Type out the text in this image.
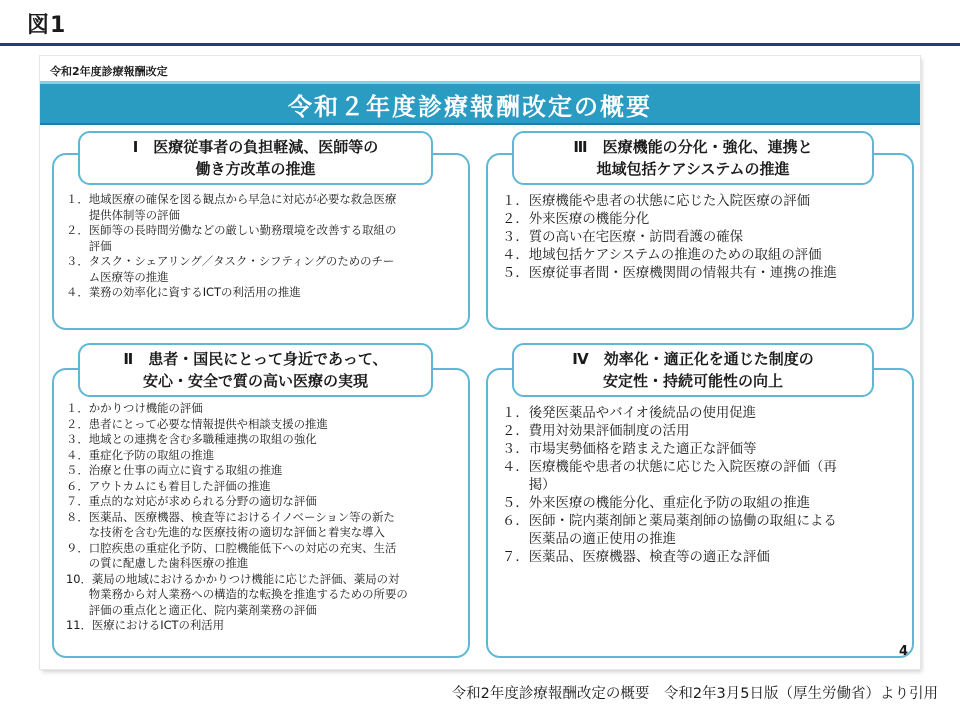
図1
令和2年度診療報酬改定
令和２年度診療報酬改定の概要
Ⅰ　医療従事者の負担軽減、医師等の
働き方改革の推進
１．地域医療の確保を図る観点から早急に対応が必要な救急医療
　　提供体制等の評価
２．医師等の長時間労働などの厳しい勤務環境を改善する取組の
　　評価
３．タスク・シェアリング／タスク・シフティングのためのチー
　　ム医療等の推進
４．業務の効率化に資するICTの利活用の推進
Ⅱ　患者・国民にとって身近であって、
安心・安全で質の高い医療の実現
１．かかりつけ機能の評価
２．患者にとって必要な情報提供や相談支援の推進
３．地域との連携を含む多職種連携の取組の強化
４．重症化予防の取組の推進
５．治療と仕事の両立に資する取組の推進
６．アウトカムにも着目した評価の推進
７．重点的な対応が求められる分野の適切な評価
８．医薬品、医療機器、検査等におけるイノベーション等の新た
　　な技術を含む先進的な医療技術の適切な評価と着実な導入
９．口腔疾患の重症化予防、口腔機能低下への対応の充実、生活
　　の質に配慮した歯科医療の推進
10．薬局の地域におけるかかりつけ機能に応じた評価、薬局の対
　　物業務から対人業務への構造的な転換を推進するための所要の
　　評価の重点化と適正化、院内薬剤業務の評価
11．医療におけるICTの利活用
Ⅲ　医療機能の分化・強化、連携と
地域包括ケアシステムの推進
１．医療機能や患者の状態に応じた入院医療の評価
２．外来医療の機能分化
３．質の高い在宅医療・訪問看護の確保
４．地域包括ケアシステムの推進のための取組の評価
５．医療従事者間・医療機関間の情報共有・連携の推進
Ⅳ　効率化・適正化を通じた制度の
安定性・持続可能性の向上
１．後発医薬品やバイオ後続品の使用促進
２．費用対効果評価制度の活用
３．市場実勢価格を踏まえた適正な評価等
４．医療機能や患者の状態に応じた入院医療の評価（再
　　掲）
５．外来医療の機能分化、重症化予防の取組の推進
６．医師・院内薬剤師と薬局薬剤師の協働の取組による
　　医薬品の適正使用の推進
７．医薬品、医療機器、検査等の適正な評価
4
令和2年度診療報酬改定の概要　令和2年3月5日版（厚生労働省）より引用
